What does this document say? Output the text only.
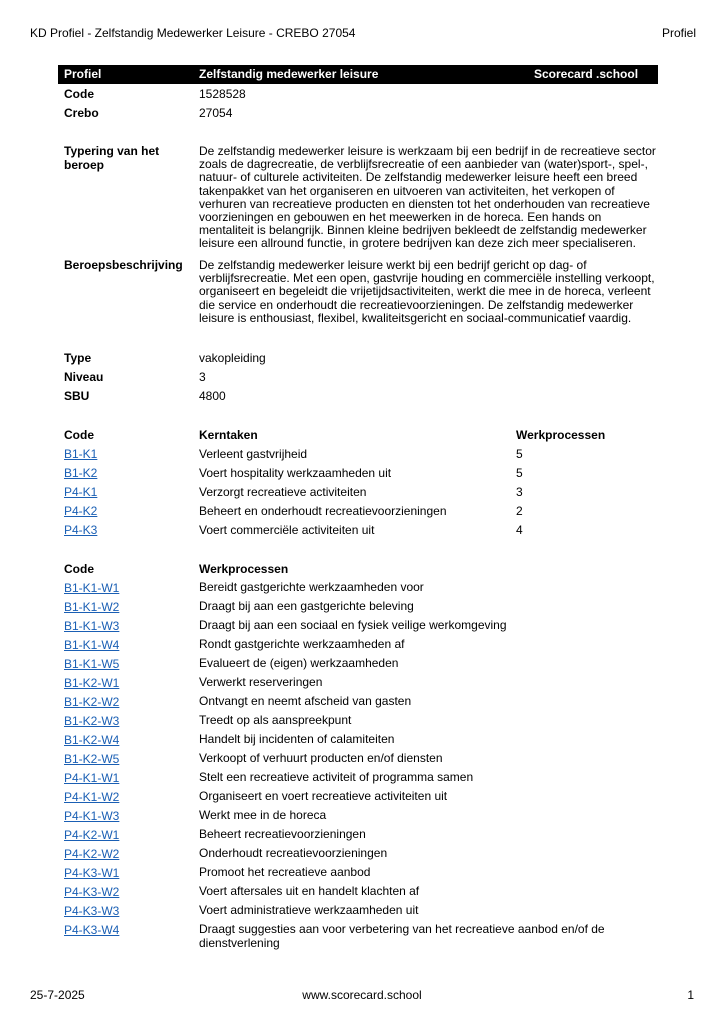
KD Profiel - Zelfstandig Medewerker Leisure - CREBO 27054	Profiel
Profiel	Zelfstandig medewerker leisure	Scorecard .school
Code	1528528
Crebo	27054
Typering van het beroep
De zelfstandig medewerker leisure is werkzaam bij een bedrijf in de recreatieve sector zoals de dagrecreatie, de verblijfsrecreatie of een aanbieder van (water)sport-, spel-, natuur- of culturele activiteiten. De zelfstandig medewerker leisure heeft een breed takenpakket van het organiseren en uitvoeren van activiteiten, het verkopen of verhuren van recreatieve producten en diensten tot het onderhouden van recreatieve voorzieningen en gebouwen en het meewerken in de horeca. Een hands on mentaliteit is belangrijk. Binnen kleine bedrijven bekleedt de zelfstandig medewerker leisure een allround functie, in grotere bedrijven kan deze zich meer specialiseren.
Beroepsbeschrijving	De zelfstandig medewerker leisure werkt bij een bedrijf gericht op dag- of verblijfsrecreatie. Met een open, gastvrije houding en commerciële instelling verkoopt, organiseert en begeleidt die vrijetijdsactiviteiten, werkt die mee in de horeca, verleent die service en onderhoudt die recreatievoorzieningen. De zelfstandig medewerker leisure is enthousiast, flexibel, kwaliteitsgericht en sociaal-communicatief vaardig.
Type	vakopleiding
Niveau	3
SBU	4800
Code	Kerntaken	Werkprocessen
B1-K1	Verleent gastvrijheid	5
B1-K2	Voert hospitality werkzaamheden uit	5
P4-K1	Verzorgt recreatieve activiteiten	3
P4-K2	Beheert en onderhoudt recreatievoorzieningen	2
P4-K3	Voert commerciële activiteiten uit	4
Code	Werkprocessen
B1-K1-W1	Bereidt gastgerichte werkzaamheden voor
B1-K1-W2	Draagt bij aan een gastgerichte beleving
B1-K1-W3	Draagt bij aan een sociaal en fysiek veilige werkomgeving
B1-K1-W4	Rondt gastgerichte werkzaamheden af
B1-K1-W5	Evalueert de (eigen) werkzaamheden
B1-K2-W1	Verwerkt reserveringen
B1-K2-W2	Ontvangt en neemt afscheid van gasten
B1-K2-W3	Treedt op als aanspreekpunt
B1-K2-W4	Handelt bij incidenten of calamiteiten
B1-K2-W5	Verkoopt of verhuurt producten en/of diensten
P4-K1-W1	Stelt een recreatieve activiteit of programma samen
P4-K1-W2	Organiseert en voert recreatieve activiteiten uit
P4-K1-W3	Werkt mee in de horeca
P4-K2-W1	Beheert recreatievoorzieningen
P4-K2-W2	Onderhoudt recreatievoorzieningen
P4-K3-W1	Promoot het recreatieve aanbod
P4-K3-W2	Voert aftersales uit en handelt klachten af
P4-K3-W3	Voert administratieve werkzaamheden uit
P4-K3-W4	Draagt suggesties aan voor verbetering van het recreatieve aanbod en/of de dienstverlening
25-7-2025	www.scorecard.school	1
